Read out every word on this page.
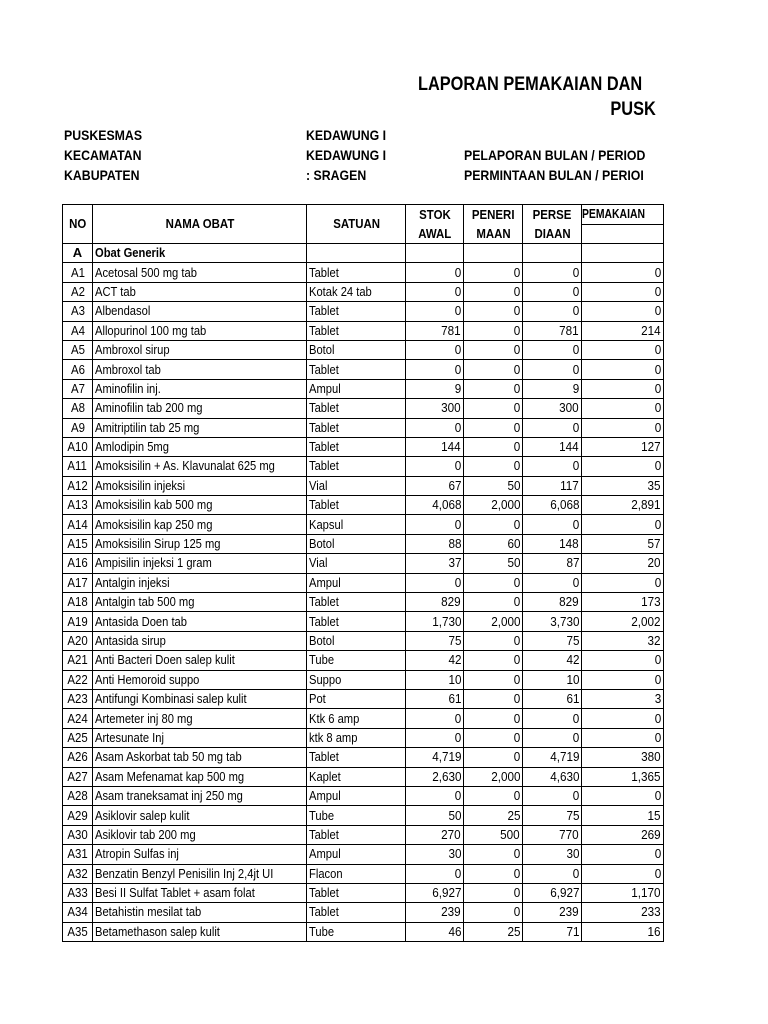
LAPORAN PEMAKAIAN DAN
PUSK
PUSKESMAS	KEDAWUNG I
KECAMATAN	KEDAWUNG I	PELAPORAN BULAN / PERIOD
KABUPATEN	: SRAGEN	PERMINTAAN BULAN / PERIOI
NO	NAMA OBAT	SATUAN	STOK	PENERI	PERSE	PEMAKAIAN
			AWAL	MAAN	DIAAN	
A	Obat Generik					
A1	Acetosal 500 mg tab	Tablet	0	0	0	0
A2	ACT tab	Kotak 24 tab	0	0	0	0
A3	Albendasol	Tablet	0	0	0	0
A4	Allopurinol 100 mg tab	Tablet	781	0	781	214
A5	Ambroxol sirup	Botol	0	0	0	0
A6	Ambroxol tab	Tablet	0	0	0	0
A7	Aminofilin inj.	Ampul	9	0	9	0
A8	Aminofilin tab 200 mg	Tablet	300	0	300	0
A9	Amitriptilin tab 25 mg	Tablet	0	0	0	0
A10	Amlodipin 5mg	Tablet	144	0	144	127
A11	Amoksisilin + As. Klavunalat 625 mg	Tablet	0	0	0	0
A12	Amoksisilin injeksi	Vial	67	50	117	35
A13	Amoksisilin kab 500 mg	Tablet	4,068	2,000	6,068	2,891
A14	Amoksisilin kap 250 mg	Kapsul	0	0	0	0
A15	Amoksisilin Sirup 125 mg	Botol	88	60	148	57
A16	Ampisilin injeksi 1 gram	Vial	37	50	87	20
A17	Antalgin injeksi	Ampul	0	0	0	0
A18	Antalgin tab 500 mg	Tablet	829	0	829	173
A19	Antasida Doen tab	Tablet	1,730	2,000	3,730	2,002
A20	Antasida sirup	Botol	75	0	75	32
A21	Anti Bacteri Doen salep kulit	Tube	42	0	42	0
A22	Anti Hemoroid suppo	Suppo	10	0	10	0
A23	Antifungi Kombinasi salep kulit	Pot	61	0	61	3
A24	Artemeter inj 80 mg	Ktk 6 amp	0	0	0	0
A25	Artesunate Inj	ktk 8 amp	0	0	0	0
A26	Asam Askorbat tab 50 mg tab	Tablet	4,719	0	4,719	380
A27	Asam Mefenamat kap 500 mg	Kaplet	2,630	2,000	4,630	1,365
A28	Asam traneksamat inj 250 mg	Ampul	0	0	0	0
A29	Asiklovir salep kulit	Tube	50	25	75	15
A30	Asiklovir tab 200 mg	Tablet	270	500	770	269
A31	Atropin Sulfas inj	Ampul	30	0	30	0
A32	Benzatin Benzyl Penisilin Inj 2,4jt UI	Flacon	0	0	0	0
A33	Besi II Sulfat Tablet + asam folat	Tablet	6,927	0	6,927	1,170
A34	Betahistin mesilat tab	Tablet	239	0	239	233
A35	Betamethason salep kulit	Tube	46	25	71	16
